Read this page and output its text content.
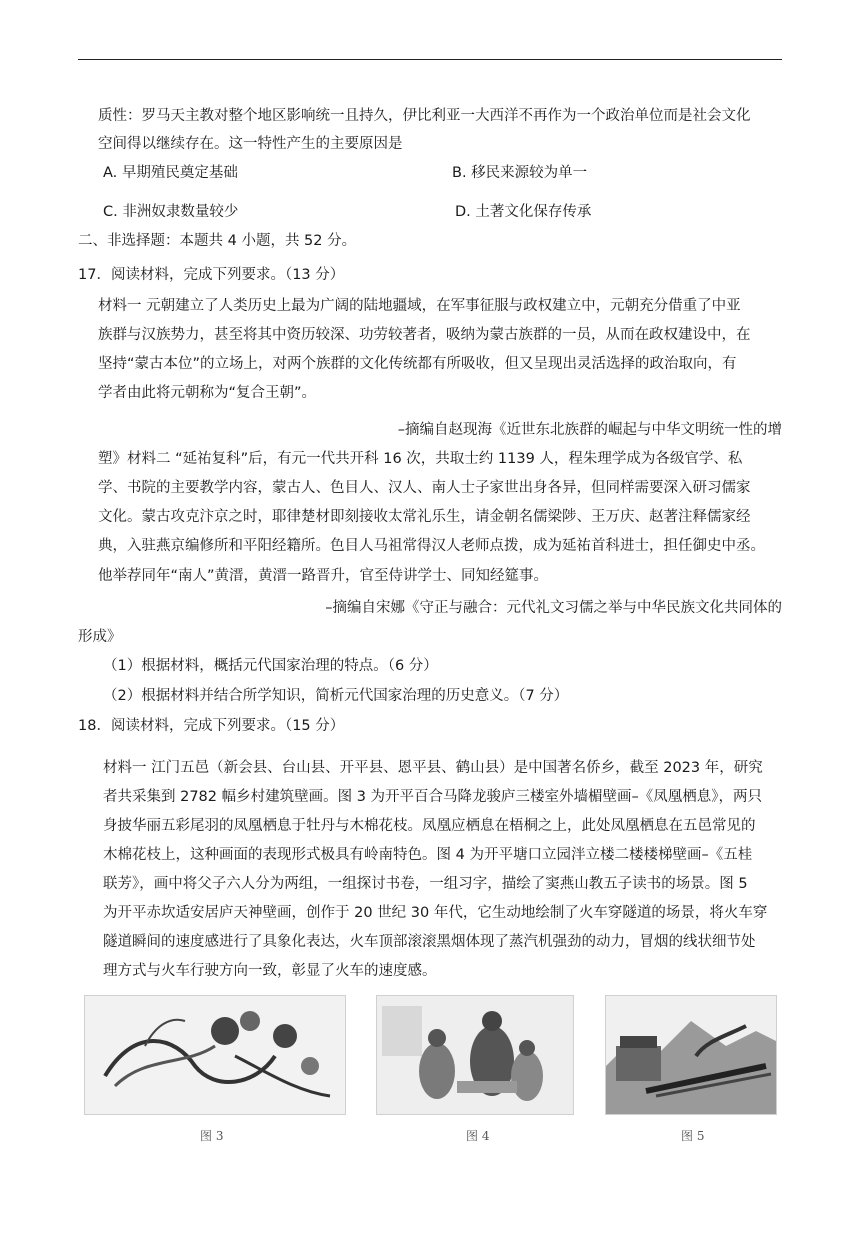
质性：罗马天主教对整个地区影响统一且持久，伊比利亚一大西洋不再作为一个政治单位而是社会文化
空间得以继续存在。这一特性产生的主要原因是
A. 早期殖民奠定基础	B. 移民来源较为单一
C. 非洲奴隶数量较少	D. 土著文化保存传承
二、非选择题：本题共 4 小题，共 52 分。
17．阅读材料，完成下列要求。（13 分）
材料一 元朝建立了人类历史上最为广阔的陆地疆域，在军事征服与政权建立中，元朝充分借重了中亚
族群与汉族势力，甚至将其中资历较深、功劳较著者，吸纳为蒙古族群的一员，从而在政权建设中，在
坚持“蒙古本位”的立场上，对两个族群的文化传统都有所吸收，但又呈现出灵活选择的政治取向，有
学者由此将元朝称为“复合王朝”。
–摘编自赵现海《近世东北族群的崛起与中华文明统一性的增
塑》材料二 “延祐复科”后，有元一代共开科 16 次，共取士约 1139 人，程朱理学成为各级官学、私
学、书院的主要教学内容，蒙古人、色目人、汉人、南人士子家世出身各异，但同样需要深入研习儒家
文化。蒙古攻克汴京之时，耶律楚材即刻接收太常礼乐生，请金朝名儒梁陟、王万庆、赵著注释儒家经
典，入驻燕京编修所和平阳经籍所。色目人马祖常得汉人老师点拨，成为延祐首科进士，担任御史中丞。
他举荐同年“南人”黄溍，黄溍一路晋升，官至侍讲学士、同知经筵事。
–摘编自宋娜《守正与融合：元代礼文习儒之举与中华民族文化共同体的
形成》
（1）根据材料，概括元代国家治理的特点。（6 分）
（2）根据材料并结合所学知识，简析元代国家治理的历史意义。（7 分）
18．阅读材料，完成下列要求。（15 分）
材料一 江门五邑（新会县、台山县、开平县、恩平县、鹤山县）是中国著名侨乡，截至 2023 年，研究
者共采集到 2782 幅乡村建筑壁画。图 3 为开平百合马降龙骏庐三楼室外墙楣壁画–《凤凰栖息》，两只
身披华丽五彩尾羽的凤凰栖息于牡丹与木棉花枝。凤凰应栖息在梧桐之上，此处凤凰栖息在五邑常见的
木棉花枝上，这种画面的表现形式极具有岭南特色。图 4 为开平塘口立园泮立楼二楼楼梯壁画–《五桂
联芳》，画中将父子六人分为两组，一组探讨书卷，一组习字，描绘了窦燕山教五子读书的场景。图 5
为开平赤坎适安居庐天神壁画，创作于 20 世纪 30 年代，它生动地绘制了火车穿隧道的场景，将火车穿
隧道瞬间的速度感进行了具象化表达，火车顶部滚滚黑烟体现了蒸汽机强劲的动力，冒烟的线状细节处
理方式与火车行驶方向一致，彰显了火车的速度感。
图 3	图 4	图 5
